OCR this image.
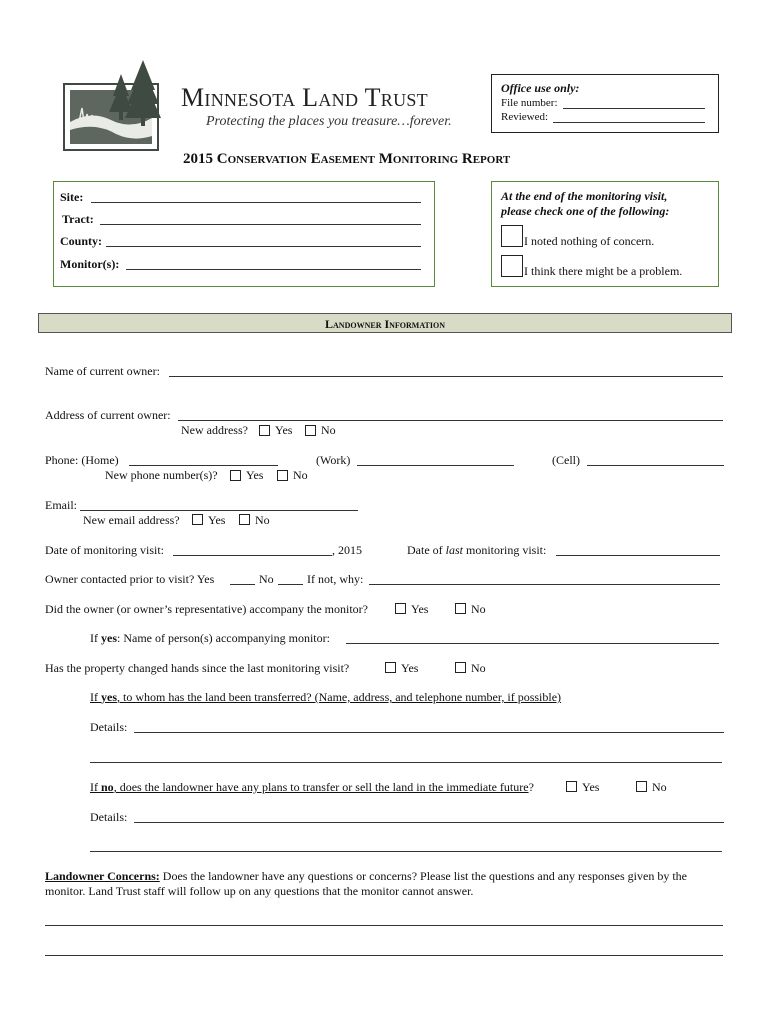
Minnesota Land Trust
Protecting the places you treasure…forever.
Office use only:
File number:
Reviewed:
2015 Conservation Easement Monitoring Report
Site:
Tract:
County:
Monitor(s):
At the end of the monitoring visit,
please check one of the following:
I noted nothing of concern.
I think there might be a problem.
Landowner Information
Name of current owner:
Address of current owner:
New address? Yes No
Phone: (Home)	(Work)	(Cell)
New phone number(s)? Yes No
Email:
New email address? Yes No
Date of monitoring visit:	, 2015	Date of last monitoring visit:
Owner contacted prior to visit? Yes	No	If not, why:
Did the owner (or owner’s representative) accompany the monitor?	Yes	No
If yes: Name of person(s) accompanying monitor:
Has the property changed hands since the last monitoring visit?	Yes	No
If yes, to whom has the land been transferred? (Name, address, and telephone number, if possible)
Details:
If no, does the landowner have any plans to transfer or sell the land in the immediate future?	Yes	No
Details:
Landowner Concerns: Does the landowner have any questions or concerns? Please list the questions and any responses given by the
monitor. Land Trust staff will follow up on any questions that the monitor cannot answer.
